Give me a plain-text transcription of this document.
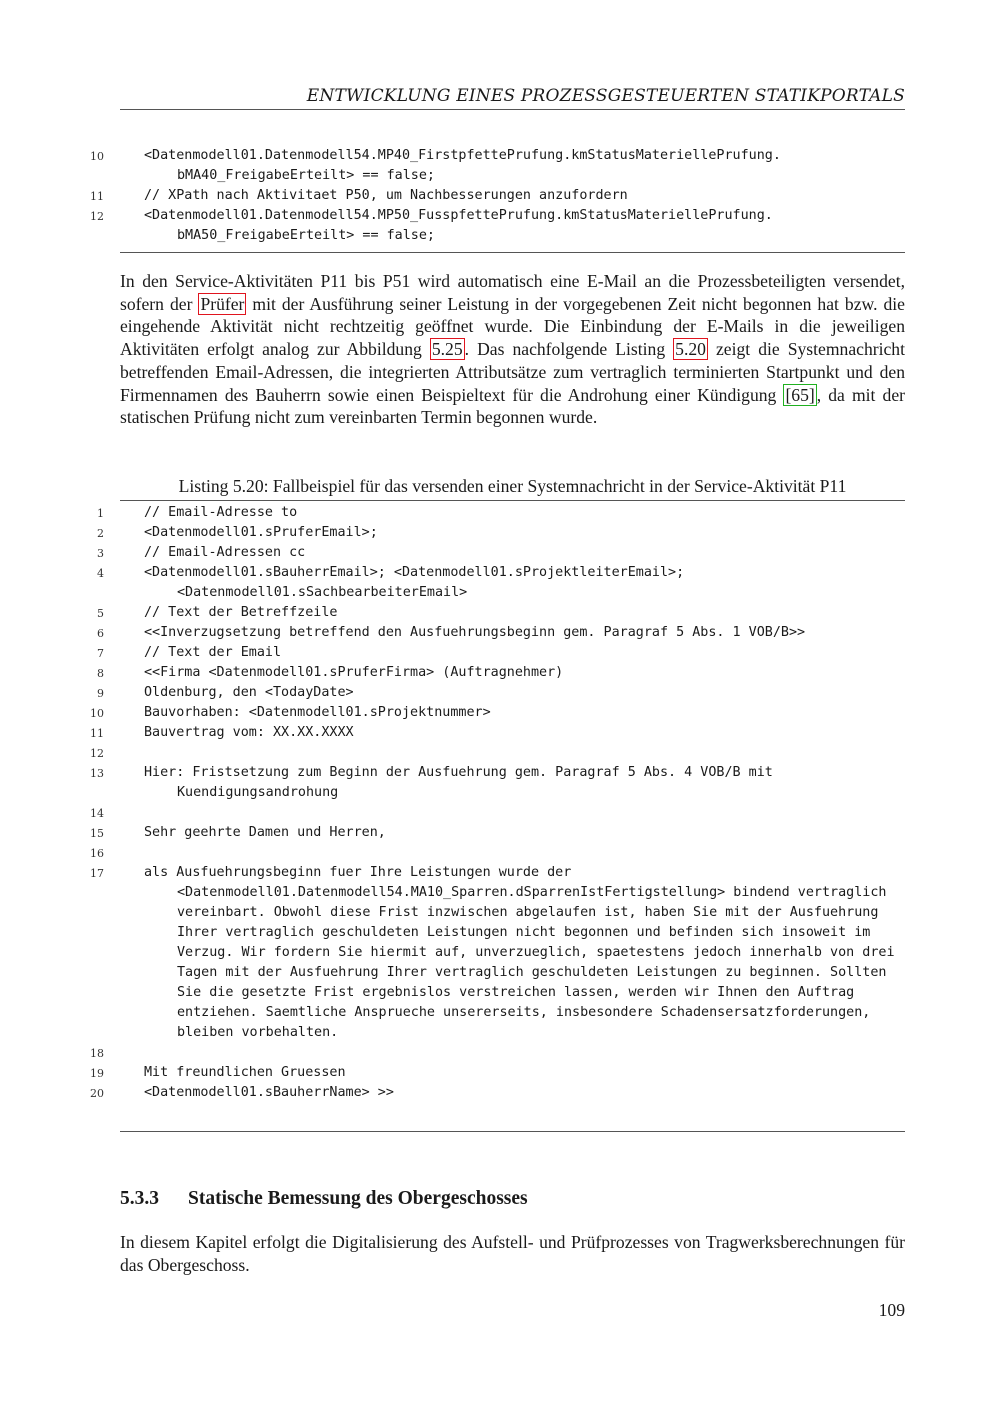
ENTWICKLUNG EINES PROZESSGESTEUERTEN STATIKPORTALS
10	<Datenmodell01.Datenmodell54.MP40_FirstpfettePrufung.kmStatusMateriellePrufung.
bMA40_FreigabeErteilt> == false;
11	// XPath nach Aktivitaet P50, um Nachbesserungen anzufordern
12	<Datenmodell01.Datenmodell54.MP50_FusspfettePrufung.kmStatusMateriellePrufung.
bMA50_FreigabeErteilt> == false;
In den Service-Aktivitäten P11 bis P51 wird automatisch eine E-Mail an die Prozessbeteiligten versendet, sofern der Prüfer mit der Ausführung seiner Leistung in der vorgegebenen Zeit nicht begonnen hat bzw. die eingehende Aktivität nicht rechtzeitig geöffnet wurde. Die Einbindung der E-Mails in die jeweiligen Aktivitäten erfolgt analog zur Abbildung 5.25 . Das nachfolgende Listing 5.20 zeigt die Systemnachricht betreffenden Email-Adressen, die integrierten Attributsätze zum vertraglich terminierten Startpunkt und den Firmennamen des Bauherrn sowie einen Beispieltext für die Androhung einer Kündigung [65] , da mit der statischen Prüfung nicht zum vereinbarten Termin begonnen wurde.
Listing 5.20: Fallbeispiel für das versenden einer Systemnachricht in der Service-Aktivität P11
1	// Email-Adresse to
2	<Datenmodell01.sPruferEmail>;
3	// Email-Adressen cc
4	<Datenmodell01.sBauherrEmail>; <Datenmodell01.sProjektleiterEmail>;
<Datenmodell01.sSachbearbeiterEmail>
5	// Text der Betreffzeile
6	<<Inverzugsetzung betreffend den Ausfuehrungsbeginn gem. Paragraf 5 Abs. 1 VOB/B>>
7	// Text der Email
8	<<Firma <Datenmodell01.sPruferFirma> (Auftragnehmer)
9	Oldenburg, den <TodayDate>
10	Bauvorhaben: <Datenmodell01.sProjektnummer>
11	Bauvertrag vom: XX.XX.XXXX
12
13	Hier: Fristsetzung zum Beginn der Ausfuehrung gem. Paragraf 5 Abs. 4 VOB/B mit
Kuendigungsandrohung
14
15	Sehr geehrte Damen und Herren,
16
17	als Ausfuehrungsbeginn fuer Ihre Leistungen wurde der
<Datenmodell01.Datenmodell54.MA10_Sparren.dSparrenIstFertigstellung> bindend vertraglich vereinbart. Obwohl diese Frist inzwischen abgelaufen ist, haben Sie mit der Ausfuehrung Ihrer vertraglich geschuldeten Leistungen nicht begonnen und befinden sich insoweit im Verzug. Wir fordern Sie hiermit auf, unverzueglich, spaetestens jedoch innerhalb von drei Tagen mit der Ausfuehrung Ihrer vertraglich geschuldeten Leistungen zu beginnen. Sollten Sie die gesetzte Frist ergebnislos verstreichen lassen, werden wir Ihnen den Auftrag entziehen. Saemtliche Ansprueche unsererseits, insbesondere Schadensersatzforderungen, bleiben vorbehalten.
18
19	Mit freundlichen Gruessen
20	<Datenmodell01.sBauherrName> >>
5.3.3 Statische Bemessung des Obergeschosses
In diesem Kapitel erfolgt die Digitalisierung des Aufstell- und Prüfprozesses von Tragwerksberechnungen für das Obergeschoss.
109
